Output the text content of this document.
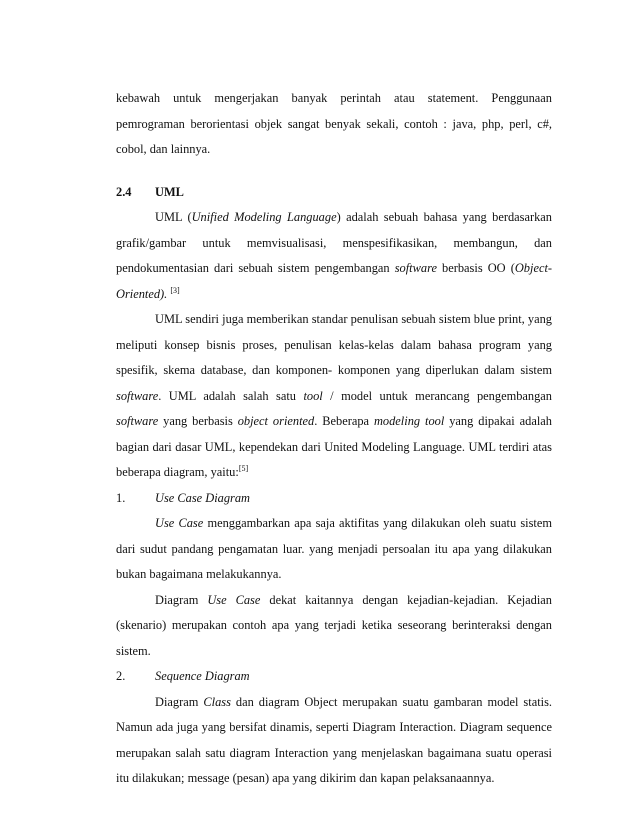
kebawah untuk mengerjakan banyak perintah atau statement. Penggunaan pemrograman berorientasi objek sangat benyak sekali, contoh : java, php, perl, c#, cobol, dan lainnya.

2.4	UML

UML (Unified Modeling Language) adalah sebuah bahasa yang berdasarkan grafik/gambar untuk memvisualisasi, menspesifikasikan, membangun, dan pendokumentasian dari sebuah sistem pengembangan software berbasis OO (Object-Oriented). [3]

UML sendiri juga memberikan standar penulisan sebuah sistem blue print, yang meliputi konsep bisnis proses, penulisan kelas-kelas dalam bahasa program yang spesifik, skema database, dan komponen- komponen yang diperlukan dalam sistem software. UML adalah salah satu tool / model untuk merancang pengembangan software yang berbasis object oriented. Beberapa modeling tool yang dipakai adalah bagian dari dasar UML, kependekan dari United Modeling Language. UML terdiri atas beberapa diagram, yaitu:[5]

1.	Use Case Diagram

Use Case menggambarkan apa saja aktifitas yang dilakukan oleh suatu sistem dari sudut pandang pengamatan luar. yang menjadi persoalan itu apa yang dilakukan bukan bagaimana melakukannya.

Diagram Use Case dekat kaitannya dengan kejadian-kejadian. Kejadian (skenario) merupakan contoh apa yang terjadi ketika seseorang berinteraksi dengan sistem.

2.	Sequence Diagram

Diagram Class dan diagram Object merupakan suatu gambaran model statis. Namun ada juga yang bersifat dinamis, seperti Diagram Interaction. Diagram sequence merupakan salah satu diagram Interaction yang menjelaskan bagaimana suatu operasi itu dilakukan; message (pesan) apa yang dikirim dan kapan pelaksanaannya.
